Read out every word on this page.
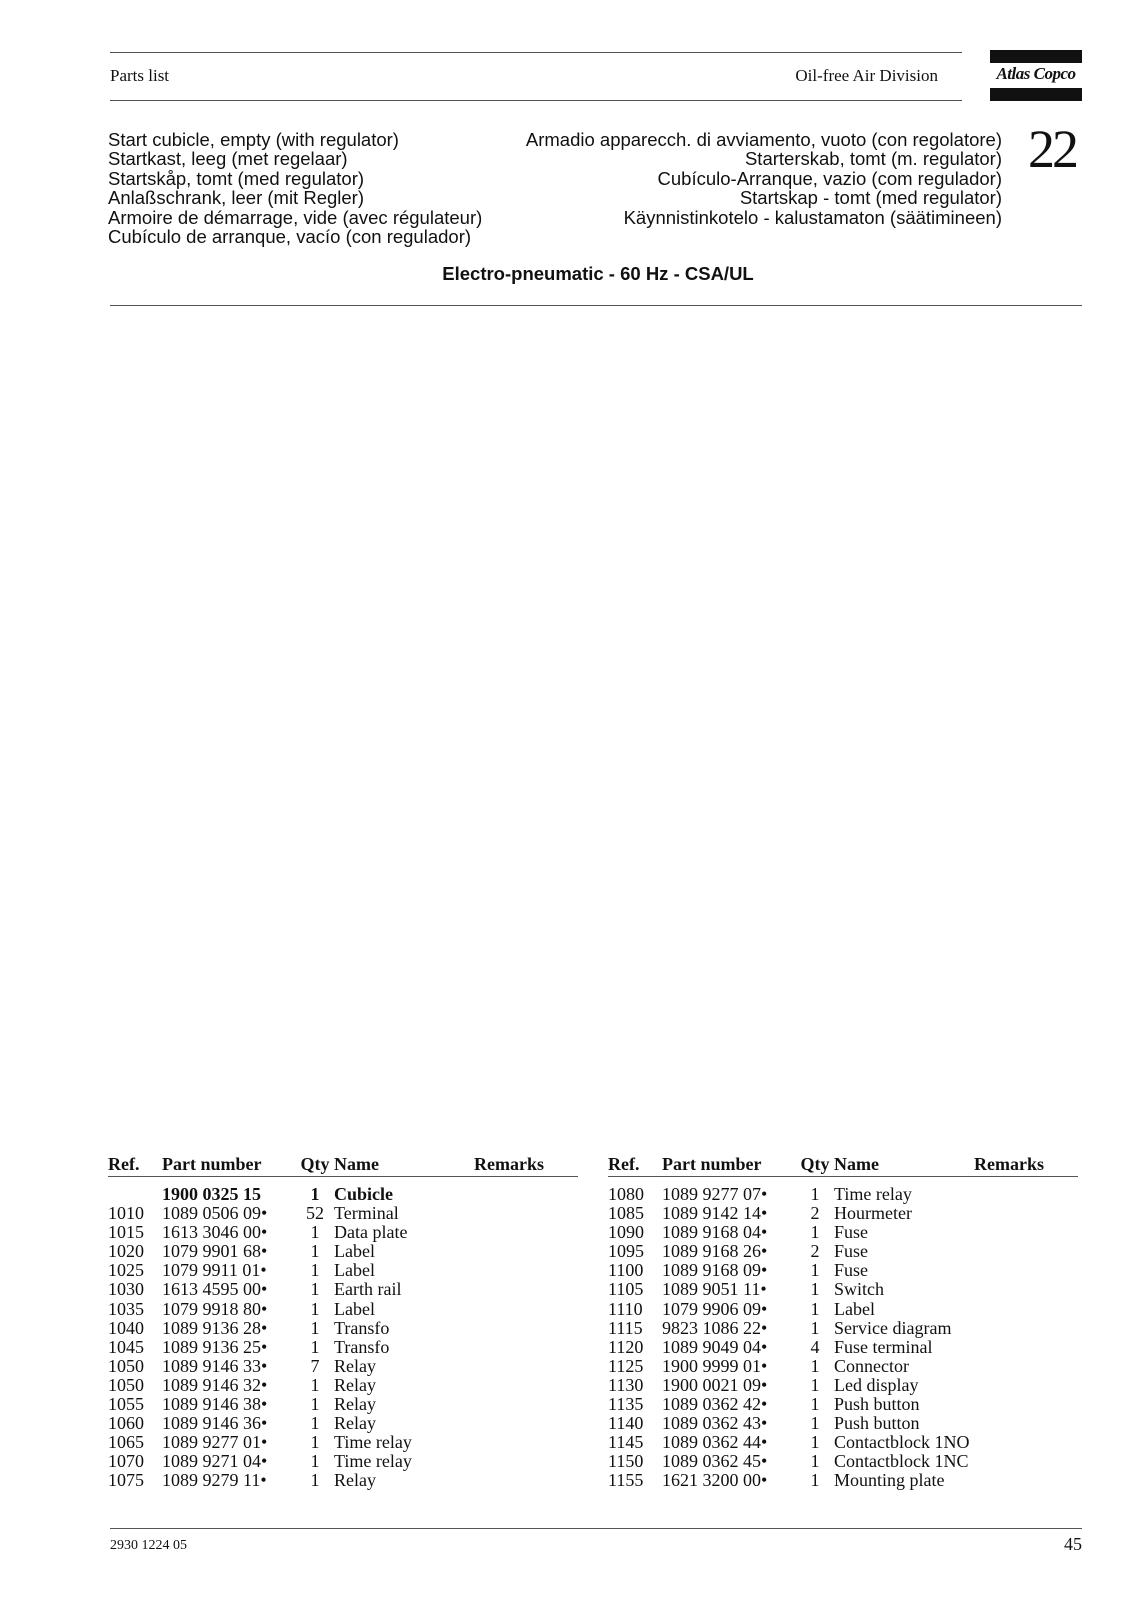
Parts list	Oil-free Air Division	Atlas Copco
Start cubicle, empty (with regulator)
Startkast, leeg (met regelaar)
Startskåp, tomt (med regulator)
Anlaßschrank, leer (mit Regler)
Armoire de démarrage, vide (avec régulateur)
Cubículo de arranque, vacío (con regulador)
Armadio apparecch. di avviamento, vuoto (con regolatore)
Starterskab, tomt (m. regulator)
Cubículo-Arranque, vazio (com regulador)
Startskap - tomt (med regulator)
Käynnistinkotelo - kalustamaton (säätimineen)
22
Electro-pneumatic - 60 Hz - CSA/UL
Ref.	Part number	Qty	Name	Remarks

	1900 0325 15	1	Cubicle	
1010	1089 0506 09•	52	Terminal	
1015	1613 3046 00•	1	Data plate	
1020	1079 9901 68•	1	Label	
1025	1079 9911 01•	1	Label	
1030	1613 4595 00•	1	Earth rail	
1035	1079 9918 80•	1	Label	
1040	1089 9136 28•	1	Transfo	
1045	1089 9136 25•	1	Transfo	
1050	1089 9146 33•	7	Relay	
1050	1089 9146 32•	1	Relay	
1055	1089 9146 38•	1	Relay	
1060	1089 9146 36•	1	Relay	
1065	1089 9277 01•	1	Time relay	
1070	1089 9271 04•	1	Time relay	
1075	1089 9279 11•	1	Relay	
Ref.	Part number	Qty	Name	Remarks

1080	1089 9277 07•	1	Time relay	
1085	1089 9142 14•	2	Hourmeter	
1090	1089 9168 04•	1	Fuse	
1095	1089 9168 26•	2	Fuse	
1100	1089 9168 09•	1	Fuse	
1105	1089 9051 11•	1	Switch	
1110	1079 9906 09•	1	Label	
1115	9823 1086 22•	1	Service diagram	
1120	1089 9049 04•	4	Fuse terminal	
1125	1900 9999 01•	1	Connector	
1130	1900 0021 09•	1	Led display	
1135	1089 0362 42•	1	Push button	
1140	1089 0362 43•	1	Push button	
1145	1089 0362 44•	1	Contactblock 1NO	
1150	1089 0362 45•	1	Contactblock 1NC	
1155	1621 3200 00•	1	Mounting plate	
2930 1224 05	45
